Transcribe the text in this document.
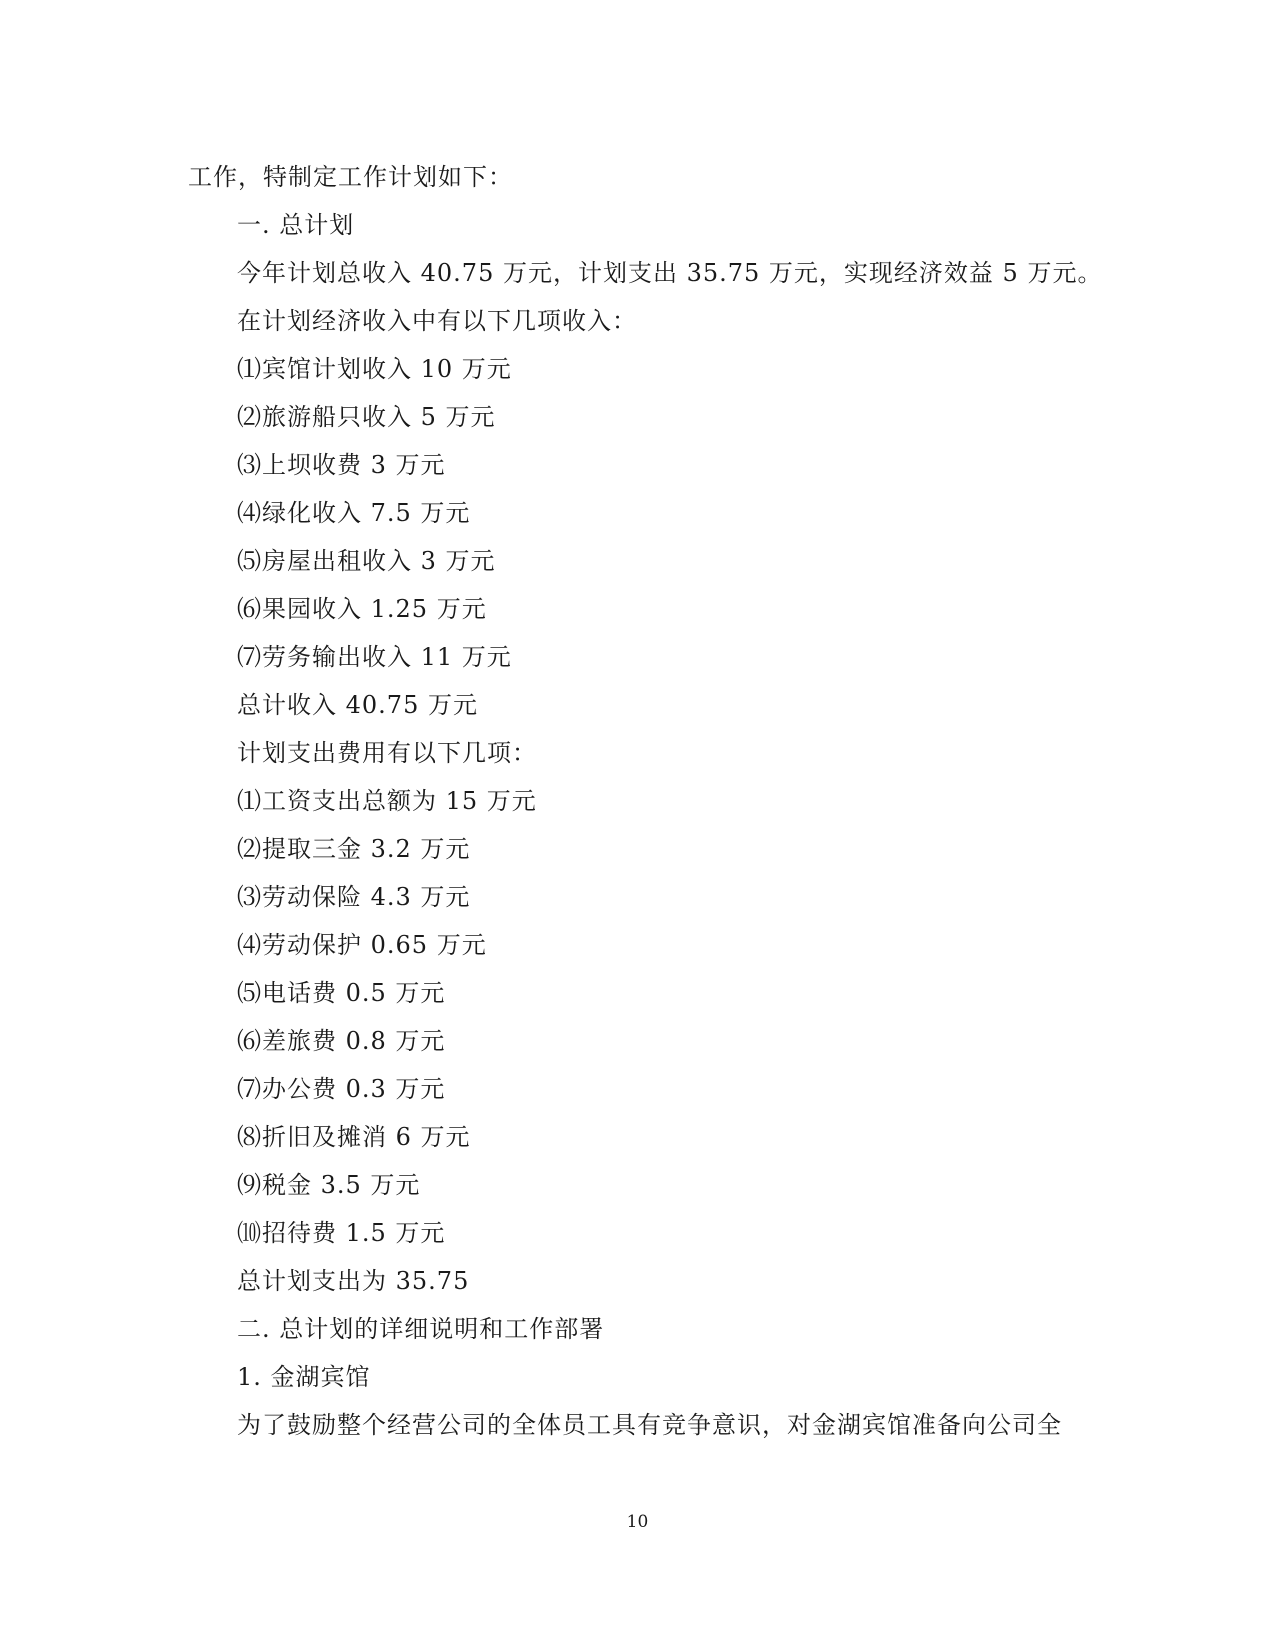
工作，特制定工作计划如下：
一. 总计划
今年计划总收入 40.75 万元，计划支出 35.75 万元，实现经济效益 5 万元。
在计划经济收入中有以下几项收入：
⑴宾馆计划收入 10 万元
⑵旅游船只收入 5 万元
⑶上坝收费 3 万元
⑷绿化收入 7.5 万元
⑸房屋出租收入 3 万元
⑹果园收入 1.25 万元
⑺劳务输出收入 11 万元
总计收入 40.75 万元
计划支出费用有以下几项：
⑴工资支出总额为 15 万元
⑵提取三金 3.2 万元
⑶劳动保险 4.3 万元
⑷劳动保护 0.65 万元
⑸电话费 0.5 万元
⑹差旅费 0.8 万元
⑺办公费 0.3 万元
⑻折旧及摊消 6 万元
⑼税金 3.5 万元
⑽招待费 1.5 万元
总计划支出为 35.75
二. 总计划的详细说明和工作部署
1. 金湖宾馆
为了鼓励整个经营公司的全体员工具有竞争意识，对金湖宾馆准备向公司全
10
